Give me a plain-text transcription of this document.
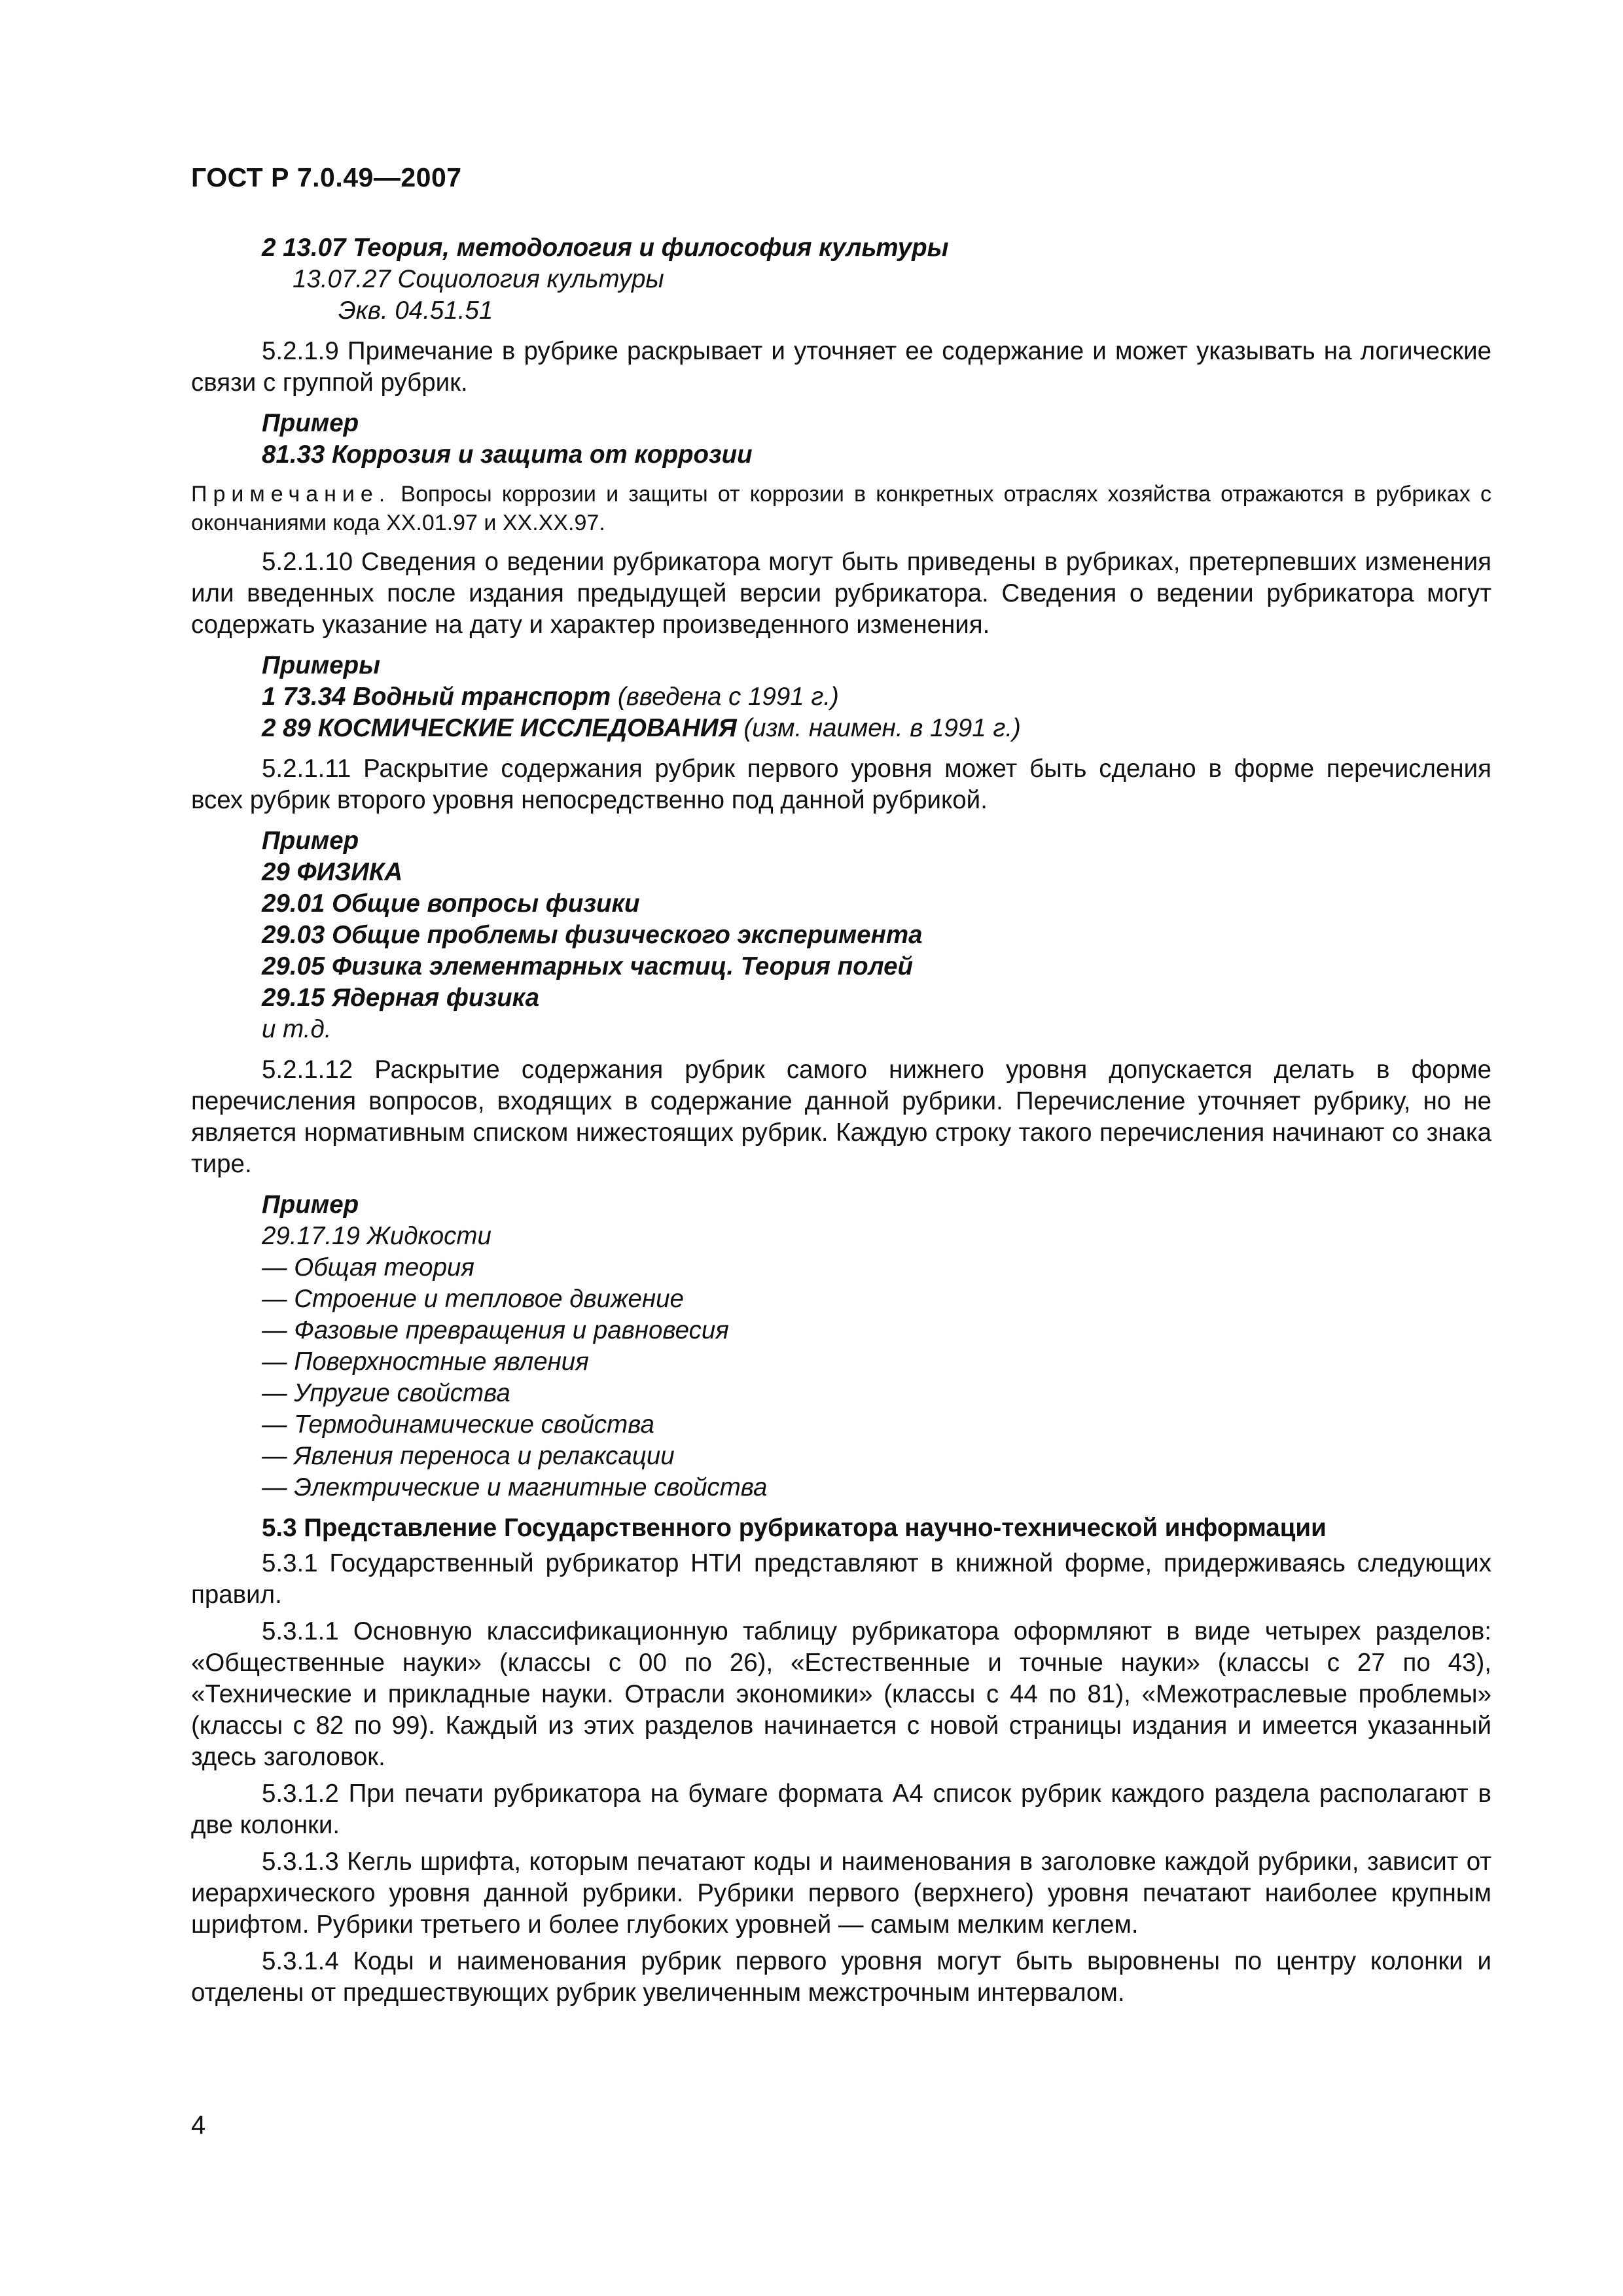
ГОСТ Р 7.0.49—2007
2 13.07 Теория, методология и философия культуры
13.07.27 Социология культуры
Экв. 04.51.51

5.2.1.9 Примечание в рубрике раскрывает и уточняет ее содержание и может указывать на логические связи с группой рубрик.

Пример
81.33 Коррозия и защита от коррозии
Примечание. Вопросы коррозии и защиты от коррозии в конкретных отраслях хозяйства отражаются в рубриках с окончаниями кода XX.01.97 и XX.XX.97.

5.2.1.10 Сведения о ведении рубрикатора могут быть приведены в рубриках, претерпевших изменения или введенных после издания предыдущей версии рубрикатора. Сведения о ведении рубрикатора могут содержать указание на дату и характер произведенного изменения.

Примеры
1 73.34 Водный транспорт (введена с 1991 г.)
2 89 КОСМИЧЕСКИЕ ИССЛЕДОВАНИЯ (изм. наимен. в 1991 г.)

5.2.1.11 Раскрытие содержания рубрик первого уровня может быть сделано в форме перечисления всех рубрик второго уровня непосредственно под данной рубрикой.

Пример
29 ФИЗИКА
29.01 Общие вопросы физики
29.03 Общие проблемы физического эксперимента
29.05 Физика элементарных частиц. Теория полей
29.15 Ядерная физика
и т.д.

5.2.1.12 Раскрытие содержания рубрик самого нижнего уровня допускается делать в форме перечисления вопросов, входящих в содержание данной рубрики. Перечисление уточняет рубрику, но не является нормативным списком нижестоящих рубрик. Каждую строку такого перечисления начинают со знака тире.

Пример
29.17.19 Жидкости
— Общая теория
— Строение и тепловое движение
— Фазовые превращения и равновесия
— Поверхностные явления
— Упругие свойства
— Термодинамические свойства
— Явления переноса и релаксации
— Электрические и магнитные свойства
5.3 Представление Государственного рубрикатора научно-технической информации

5.3.1 Государственный рубрикатор НТИ представляют в книжной форме, придерживаясь следующих правил.

5.3.1.1 Основную классификационную таблицу рубрикатора оформляют в виде четырех разделов: «Общественные науки» (классы с 00 по 26), «Естественные и точные науки» (классы с 27 по 43), «Технические и прикладные науки. Отрасли экономики» (классы с 44 по 81), «Межотраслевые проблемы» (классы с 82 по 99). Каждый из этих разделов начинается с новой страницы издания и имеется указанный здесь заголовок.

5.3.1.2 При печати рубрикатора на бумаге формата А4 список рубрик каждого раздела располагают в две колонки.

5.3.1.3 Кегль шрифта, которым печатают коды и наименования в заголовке каждой рубрики, зависит от иерархического уровня данной рубрики. Рубрики первого (верхнего) уровня печатают наиболее крупным шрифтом. Рубрики третьего и более глубоких уровней — самым мелким кеглем.

5.3.1.4 Коды и наименования рубрик первого уровня могут быть выровнены по центру колонки и отделены от предшествующих рубрик увеличенным межстрочным интервалом.

4
